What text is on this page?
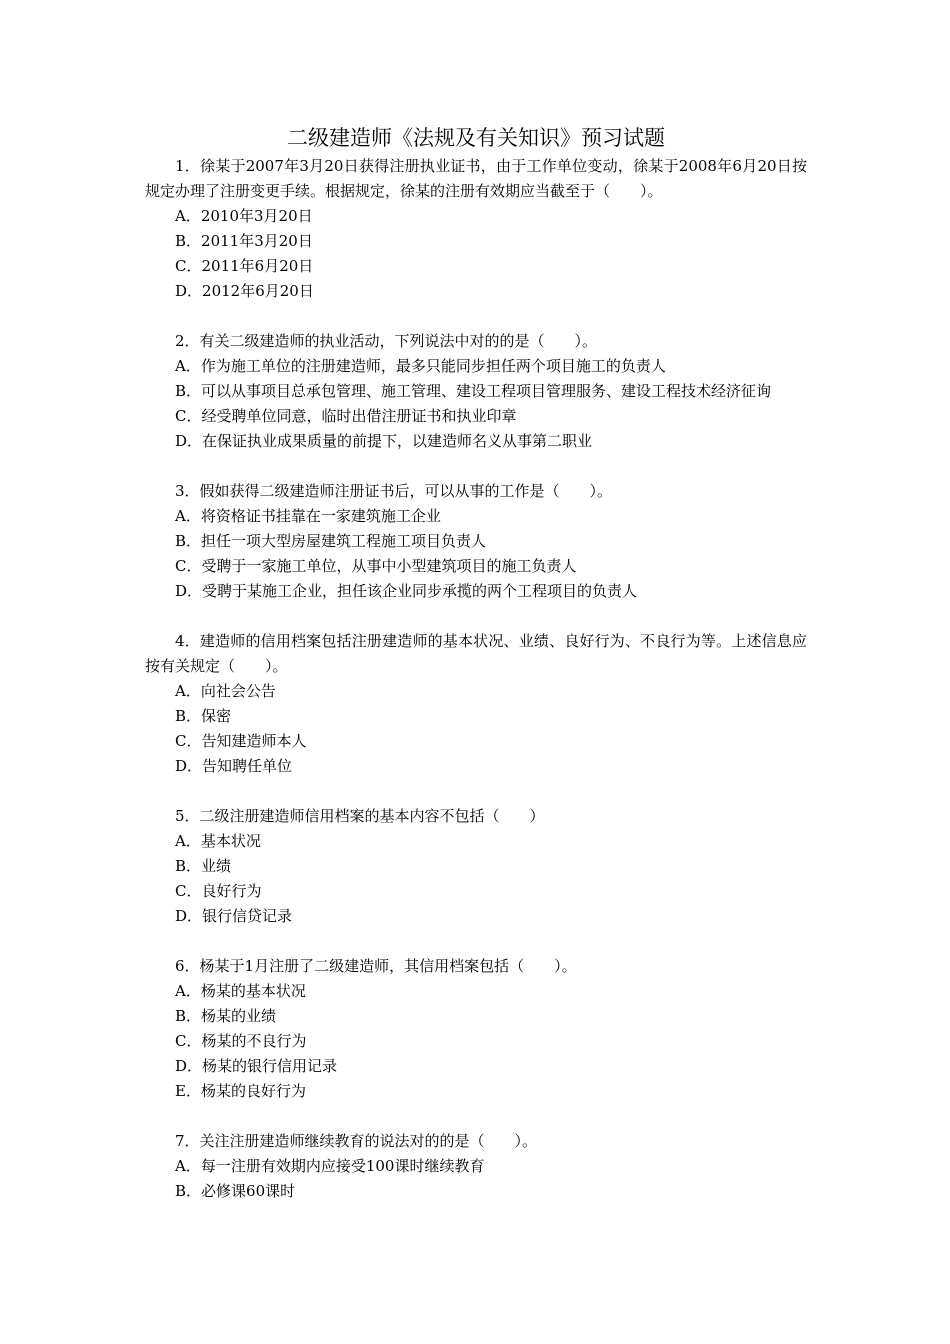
二级建造师《法规及有关知识》预习试题

1．徐某于2007年3月20日获得注册执业证书，由于工作单位变动，徐某于2008年6月20日按规定办理了注册变更手续。根据规定，徐某的注册有效期应当截至于（　　）。

A．2010年3月20日

B．2011年3月20日

C．2011年6月20日

D．2012年6月20日

2．有关二级建造师的执业活动，下列说法中对的的是（　　）。

A．作为施工单位的注册建造师，最多只能同步担任两个项目施工的负责人

B．可以从事项目总承包管理、施工管理、建设工程项目管理服务、建设工程技术经济征询

C．经受聘单位同意，临时出借注册证书和执业印章

D．在保证执业成果质量的前提下，以建造师名义从事第二职业

3．假如获得二级建造师注册证书后，可以从事的工作是（　　）。

A．将资格证书挂靠在一家建筑施工企业

B．担任一项大型房屋建筑工程施工项目负责人

C．受聘于一家施工单位，从事中小型建筑项目的施工负责人

D．受聘于某施工企业，担任该企业同步承揽的两个工程项目的负责人

4．建造师的信用档案包括注册建造师的基本状况、业绩、良好行为、不良行为等。上述信息应按有关规定（　　）。

A．向社会公告

B．保密

C．告知建造师本人

D．告知聘任单位

5．二级注册建造师信用档案的基本内容不包括（　　）

A．基本状况

B．业绩

C．良好行为

D．银行信贷记录

6．杨某于1月注册了二级建造师，其信用档案包括（　　）。

A．杨某的基本状况

B．杨某的业绩

C．杨某的不良行为

D．杨某的银行信用记录

E．杨某的良好行为

7．关注注册建造师继续教育的说法对的的是（　　）。

A．每一注册有效期内应接受100课时继续教育

B．必修课60课时
